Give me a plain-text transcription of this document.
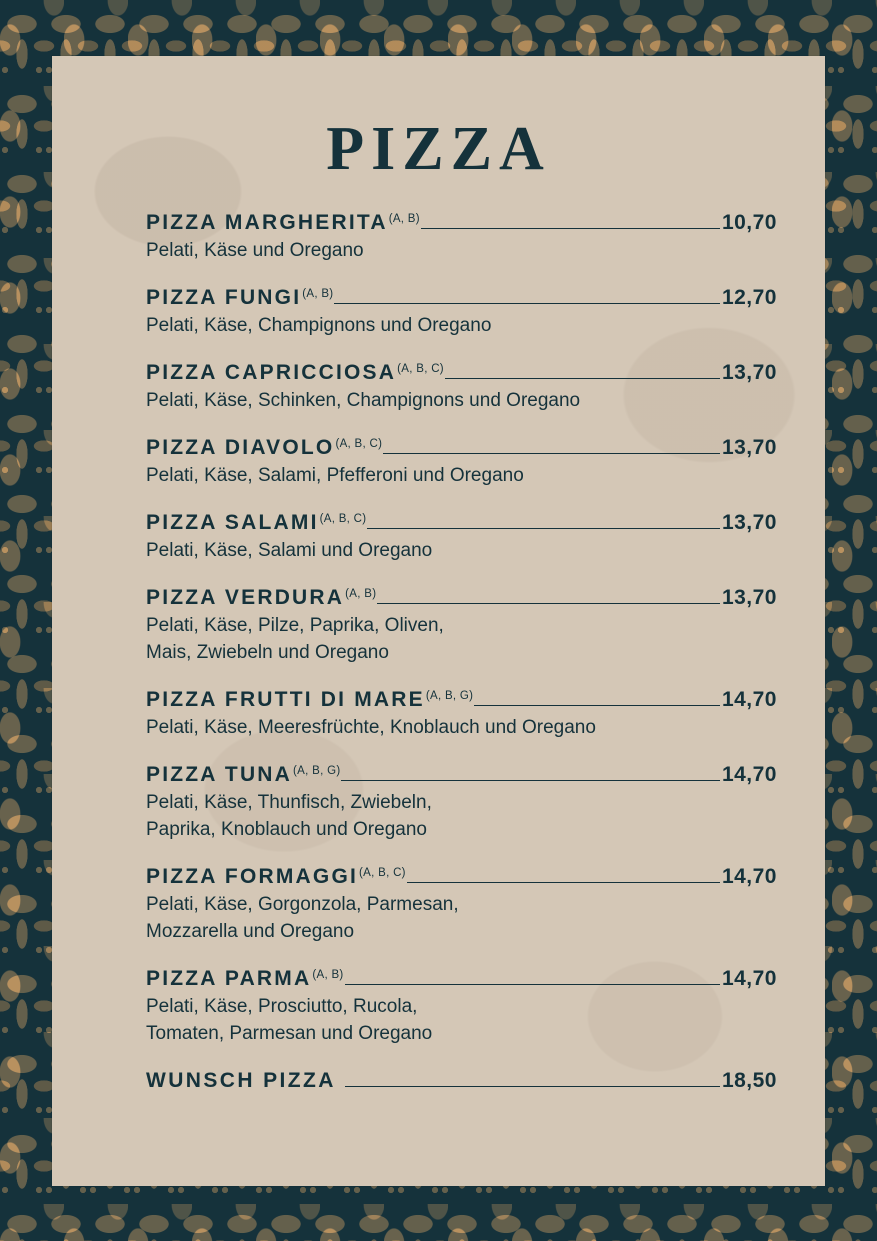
PIZZA
PIZZA MARGHERITA (A, B)	10,70
Pelati, Käse und Oregano
PIZZA FUNGI (A, B)	12,70
Pelati, Käse, Champignons und Oregano
PIZZA CAPRICCIOSA (A, B, C)	13,70
Pelati, Käse, Schinken, Champignons und Oregano
PIZZA DIAVOLO (A, B, C)	13,70
Pelati, Käse, Salami, Pfefferoni und Oregano
PIZZA SALAMI (A, B, C)	13,70
Pelati, Käse, Salami und Oregano
PIZZA VERDURA (A, B)	13,70
Pelati, Käse, Pilze, Paprika, Oliven,
Mais, Zwiebeln und Oregano
PIZZA FRUTTI DI MARE (A, B, G)	14,70
Pelati, Käse, Meeresfrüchte, Knoblauch und Oregano
PIZZA TUNA (A, B, G)	14,70
Pelati, Käse, Thunfisch, Zwiebeln,
Paprika, Knoblauch und Oregano
PIZZA FORMAGGI (A, B, C)	14,70
Pelati, Käse, Gorgonzola, Parmesan,
Mozzarella und Oregano
PIZZA PARMA (A, B)	14,70
Pelati, Käse, Prosciutto, Rucola,
Tomaten, Parmesan und Oregano
WUNSCH PIZZA	18,50
